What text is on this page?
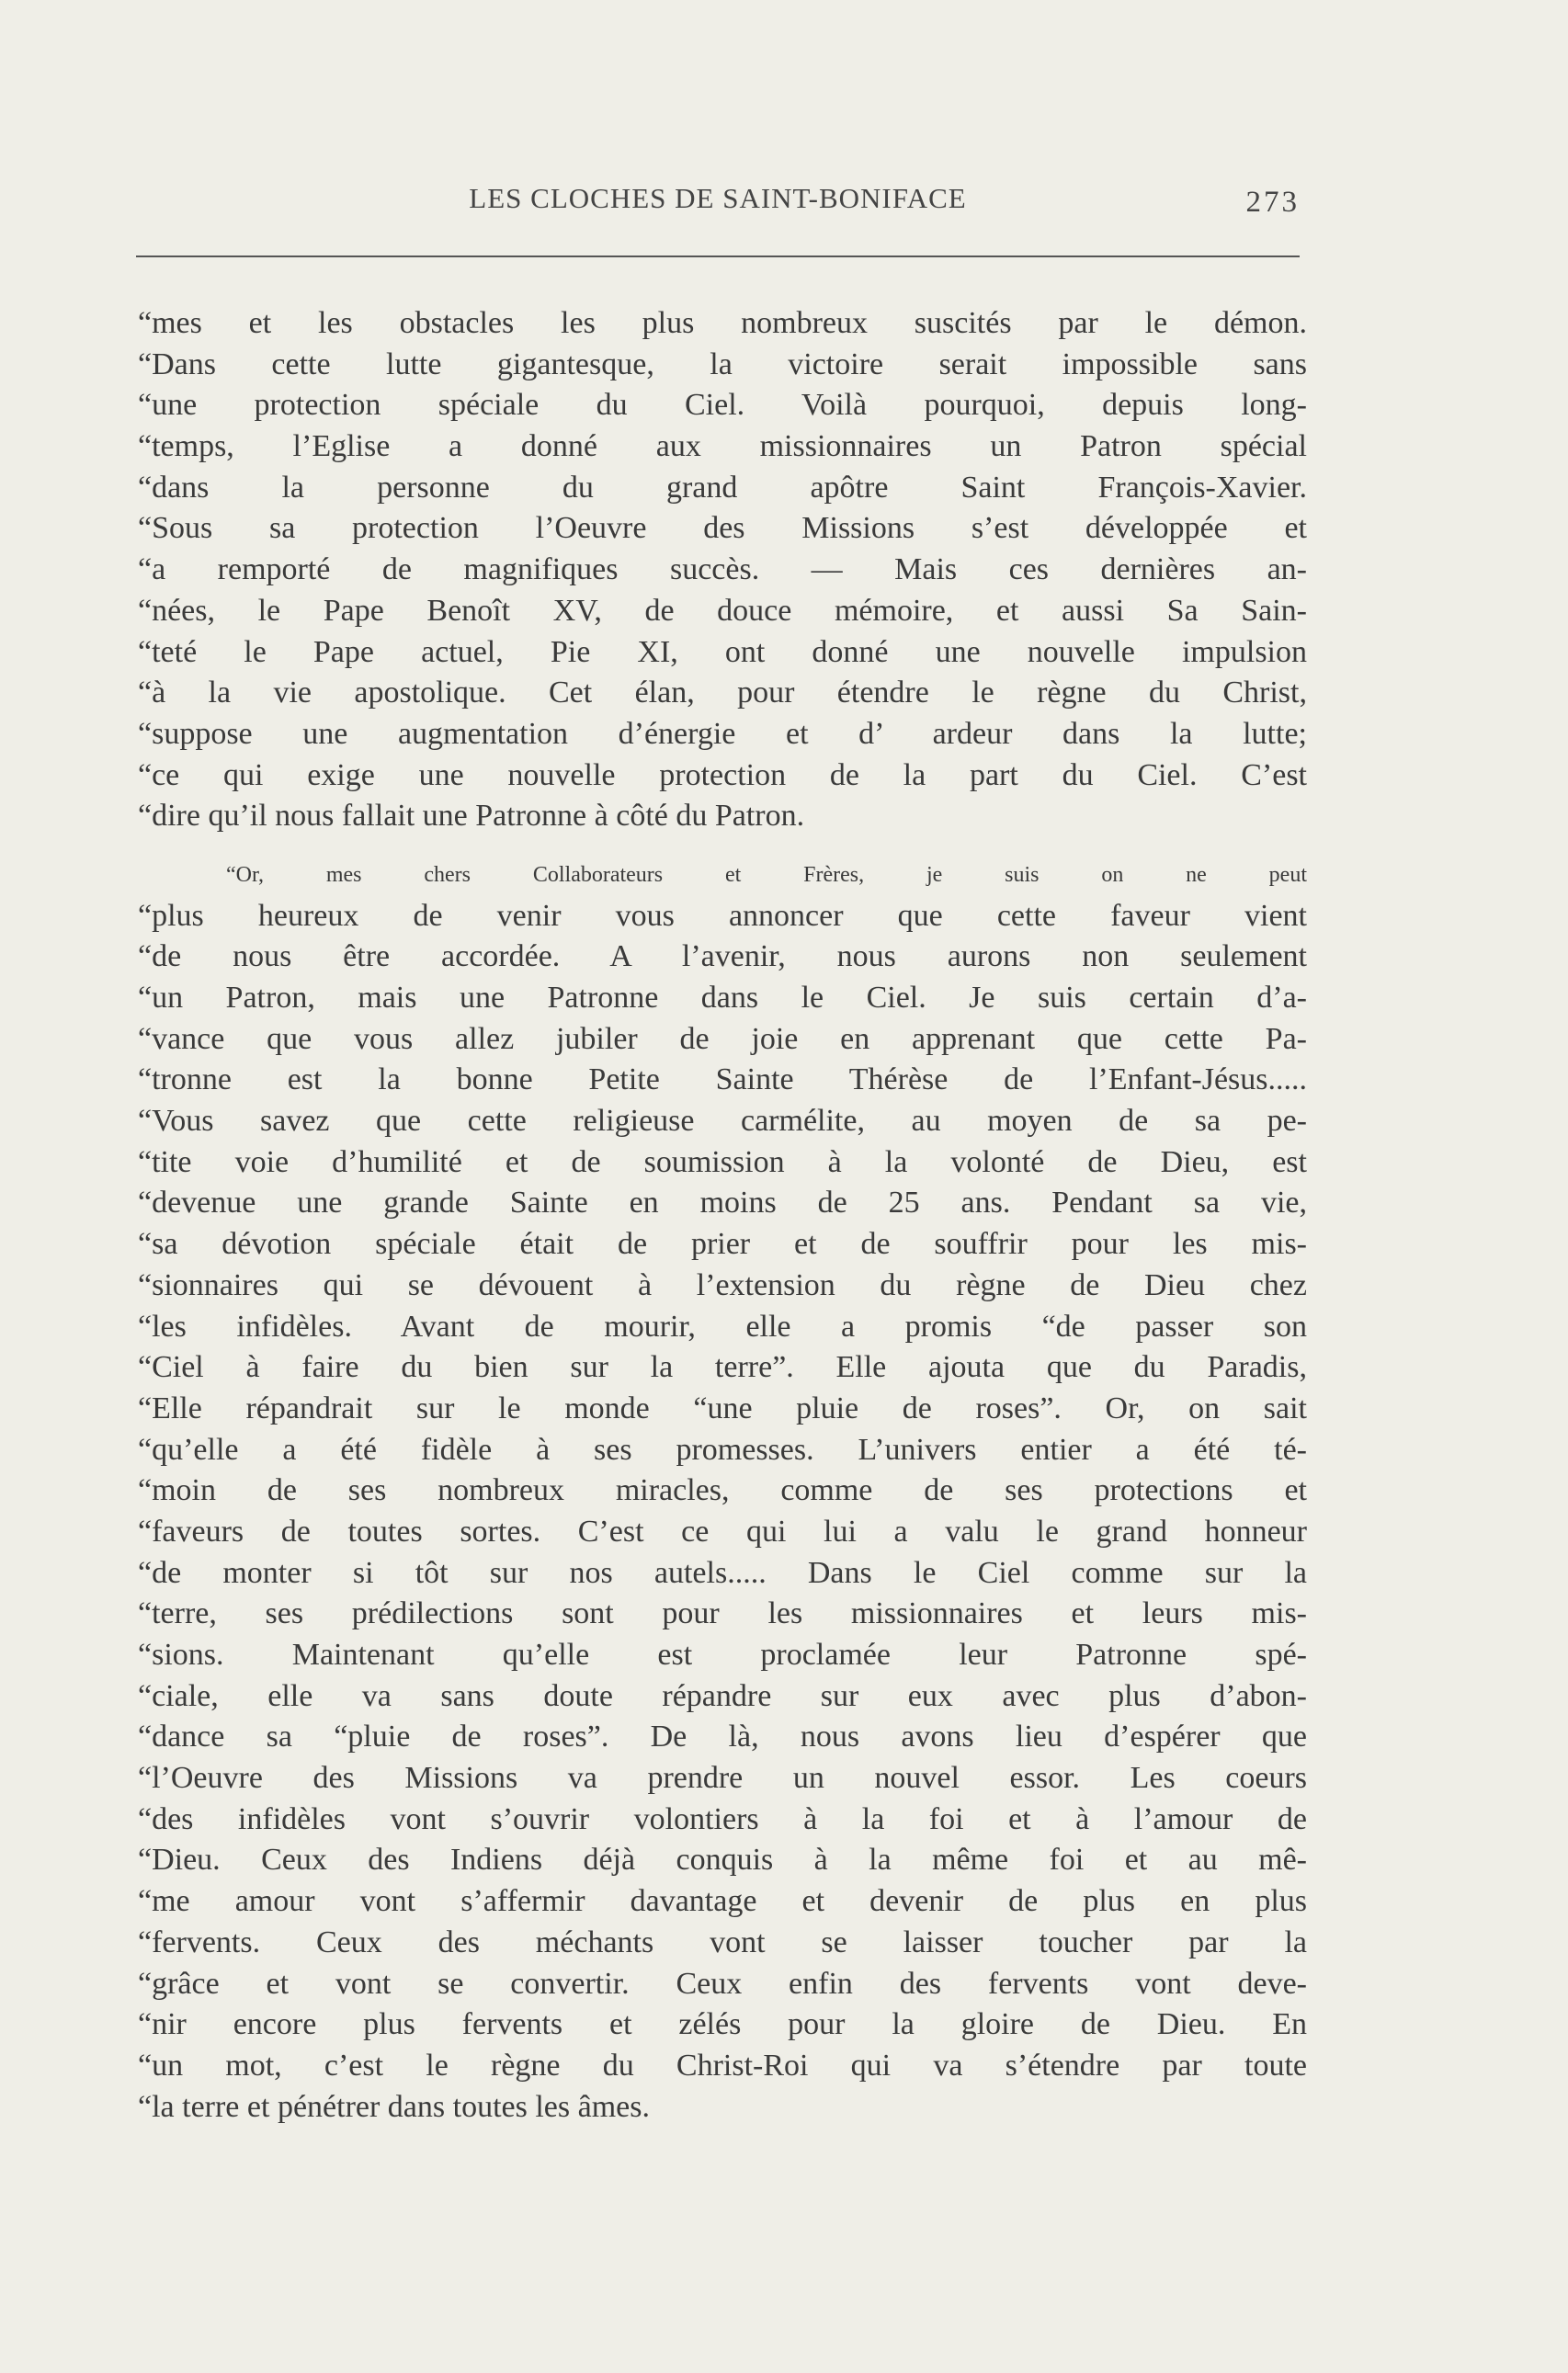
LES CLOCHES DE SAINT-BONIFACE	273
“mes et les obstacles les plus nombreux suscités par le démon.
“Dans cette lutte gigantesque, la victoire serait impossible sans
“une protection spéciale du Ciel. Voilà pourquoi, depuis long-
“temps, l’Eglise a donné aux missionnaires un Patron spécial
“dans la personne du grand apôtre Saint François-Xavier.
“Sous sa protection l’Oeuvre des Missions s’est développée et
“a remporté de magnifiques succès. — Mais ces dernières an-
“nées, le Pape Benoît XV, de douce mémoire, et aussi Sa Sain-
“teté le Pape actuel, Pie XI, ont donné une nouvelle impulsion
“à la vie apostolique. Cet élan, pour étendre le règne du Christ,
“suppose une augmentation d’énergie et d’ ardeur dans la lutte;
“ce qui exige une nouvelle protection de la part du Ciel. C’est
“dire qu’il nous fallait une Patronne à côté du Patron.
“Or, mes chers Collaborateurs et Frères, je suis on ne peut
“plus heureux de venir vous annoncer que cette faveur vient
“de nous être accordée. A l’avenir, nous aurons non seulement
“un Patron, mais une Patronne dans le Ciel. Je suis certain d’a-
“vance que vous allez jubiler de joie en apprenant que cette Pa-
“tronne est la bonne Petite Sainte Thérèse de l’Enfant-Jésus.....
“Vous savez que cette religieuse carmélite, au moyen de sa pe-
“tite voie d’humilité et de soumission à la volonté de Dieu, est
“devenue une grande Sainte en moins de 25 ans. Pendant sa vie,
“sa dévotion spéciale était de prier et de souffrir pour les mis-
“sionnaires qui se dévouent à l’extension du règne de Dieu chez
“les infidèles. Avant de mourir, elle a promis “de passer son
“Ciel à faire du bien sur la terre”. Elle ajouta que du Paradis,
“Elle répandrait sur le monde “une pluie de roses”. Or, on sait
“qu’elle a été fidèle à ses promesses. L’univers entier a été té-
“moin de ses nombreux miracles, comme de ses protections et
“faveurs de toutes sortes. C’est ce qui lui a valu le grand honneur
“de monter si tôt sur nos autels..... Dans le Ciel comme sur la
“terre, ses prédilections sont pour les missionnaires et leurs mis-
“sions. Maintenant qu’elle est proclamée leur Patronne spé-
“ciale, elle va sans doute répandre sur eux avec plus d’abon-
“dance sa “pluie de roses”. De là, nous avons lieu d’espérer que
“l’Oeuvre des Missions va prendre un nouvel essor. Les coeurs
“des infidèles vont s’ouvrir volontiers à la foi et à l’amour de
“Dieu. Ceux des Indiens déjà conquis à la même foi et au mê-
“me amour vont s’affermir davantage et devenir de plus en plus
“fervents. Ceux des méchants vont se laisser toucher par la
“grâce et vont se convertir. Ceux enfin des fervents vont deve-
“nir encore plus fervents et zélés pour la gloire de Dieu. En
“un mot, c’est le règne du Christ-Roi qui va s’étendre par toute
“la terre et pénétrer dans toutes les âmes.
